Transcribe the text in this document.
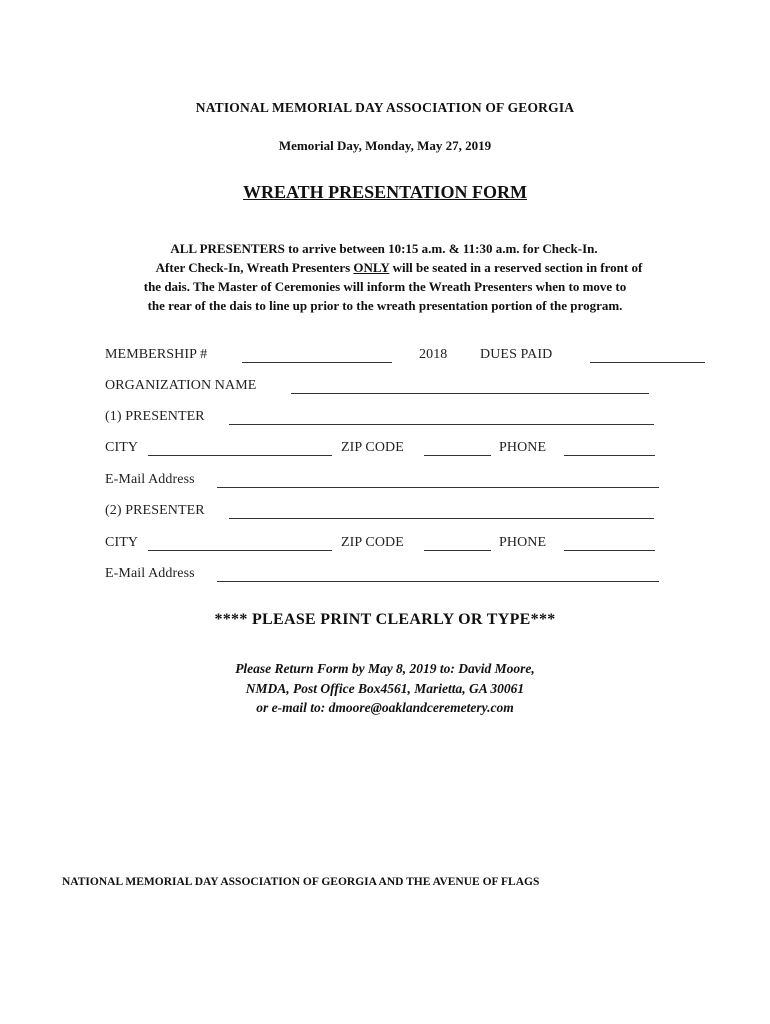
NATIONAL MEMORIAL DAY ASSOCIATION OF GEORGIA
Memorial Day, Monday, May 27, 2019
WREATH PRESENTATION FORM
ALL PRESENTERS to arrive between 10:15 a.m. & 11:30 a.m. for Check-In.
After Check-In, Wreath Presenters ONLY will be seated in a reserved section in front of
the dais. The Master of Ceremonies will inform the Wreath Presenters when to move to
the rear of the dais to line up prior to the wreath presentation portion of the program.
MEMBERSHIP #	2018 DUES PAID
ORGANIZATION NAME
(1) PRESENTER
CITY	ZIP CODE	PHONE
E-Mail Address
(2) PRESENTER
CITY	ZIP CODE	PHONE
E-Mail Address
**** PLEASE PRINT CLEARLY OR TYPE***
Please Return Form by May 8, 2019 to: David Moore,
NMDA, Post Office Box4561, Marietta, GA 30061
or e-mail to: dmoore@oaklandceremetery.com
NATIONAL MEMORIAL DAY ASSOCIATION OF GEORGIA AND THE AVENUE OF FLAGS
